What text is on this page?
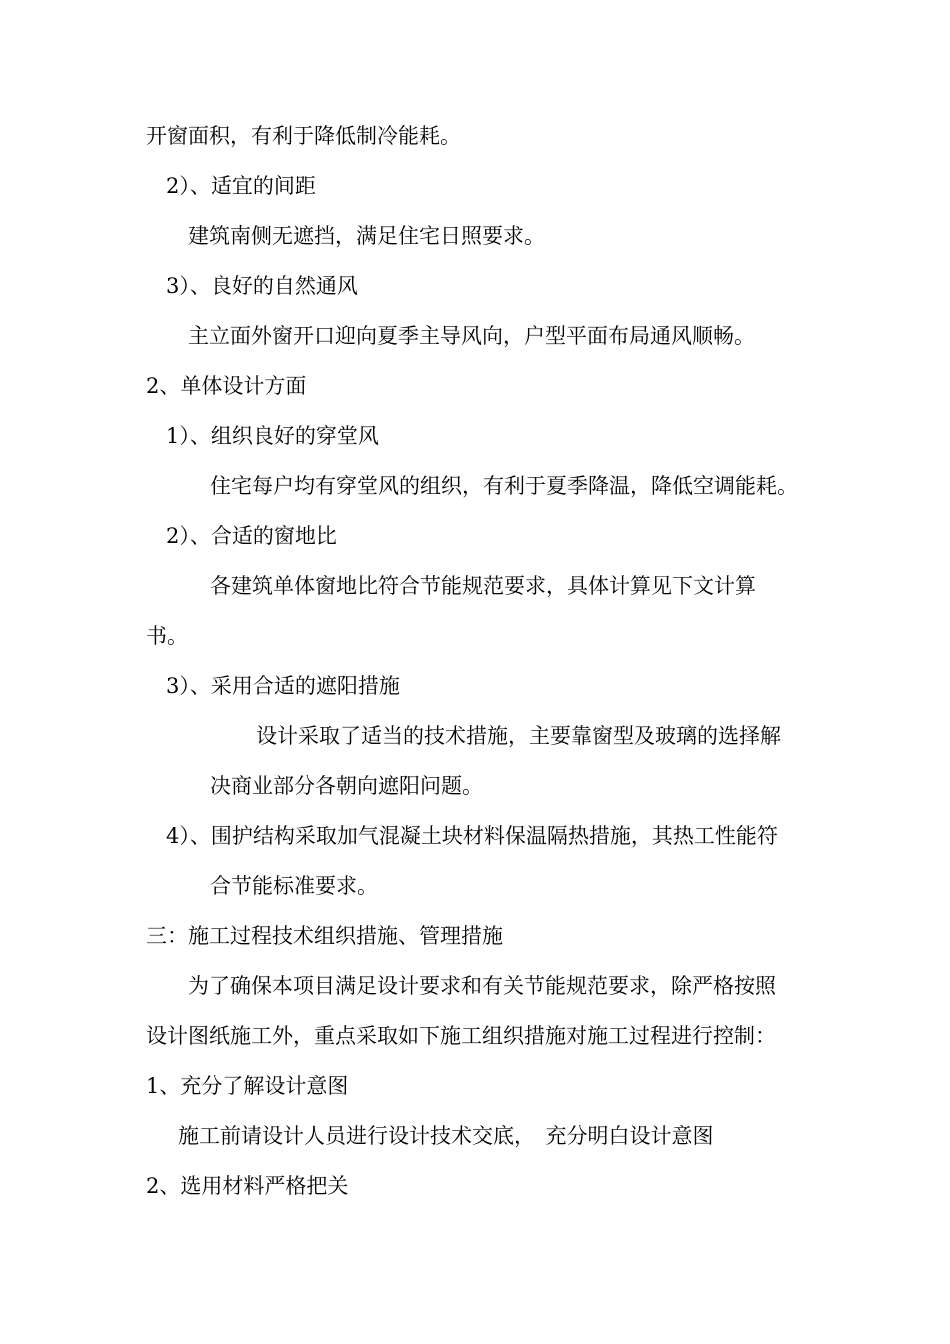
开窗面积，有利于降低制冷能耗。
2）、适宜的间距
建筑南侧无遮挡，满足住宅日照要求。
3）、良好的自然通风
主立面外窗开口迎向夏季主导风向，户型平面布局通风顺畅。
2、单体设计方面
1）、组织良好的穿堂风
住宅每户均有穿堂风的组织，有利于夏季降温，降低空调能耗。
2）、合适的窗地比
各建筑单体窗地比符合节能规范要求，具体计算见下文计算
书。
3）、采用合适的遮阳措施
设计采取了适当的技术措施，主要靠窗型及玻璃的选择解
决商业部分各朝向遮阳问题。
4）、围护结构采取加气混凝土块材料保温隔热措施，其热工性能符
合节能标准要求。
三：施工过程技术组织措施、管理措施
为了确保本项目满足设计要求和有关节能规范要求，除严格按照
设计图纸施工外，重点采取如下施工组织措施对施工过程进行控制：
1、充分了解设计意图
施工前请设计人员进行设计技术交底，　充分明白设计意图
2、选用材料严格把关
